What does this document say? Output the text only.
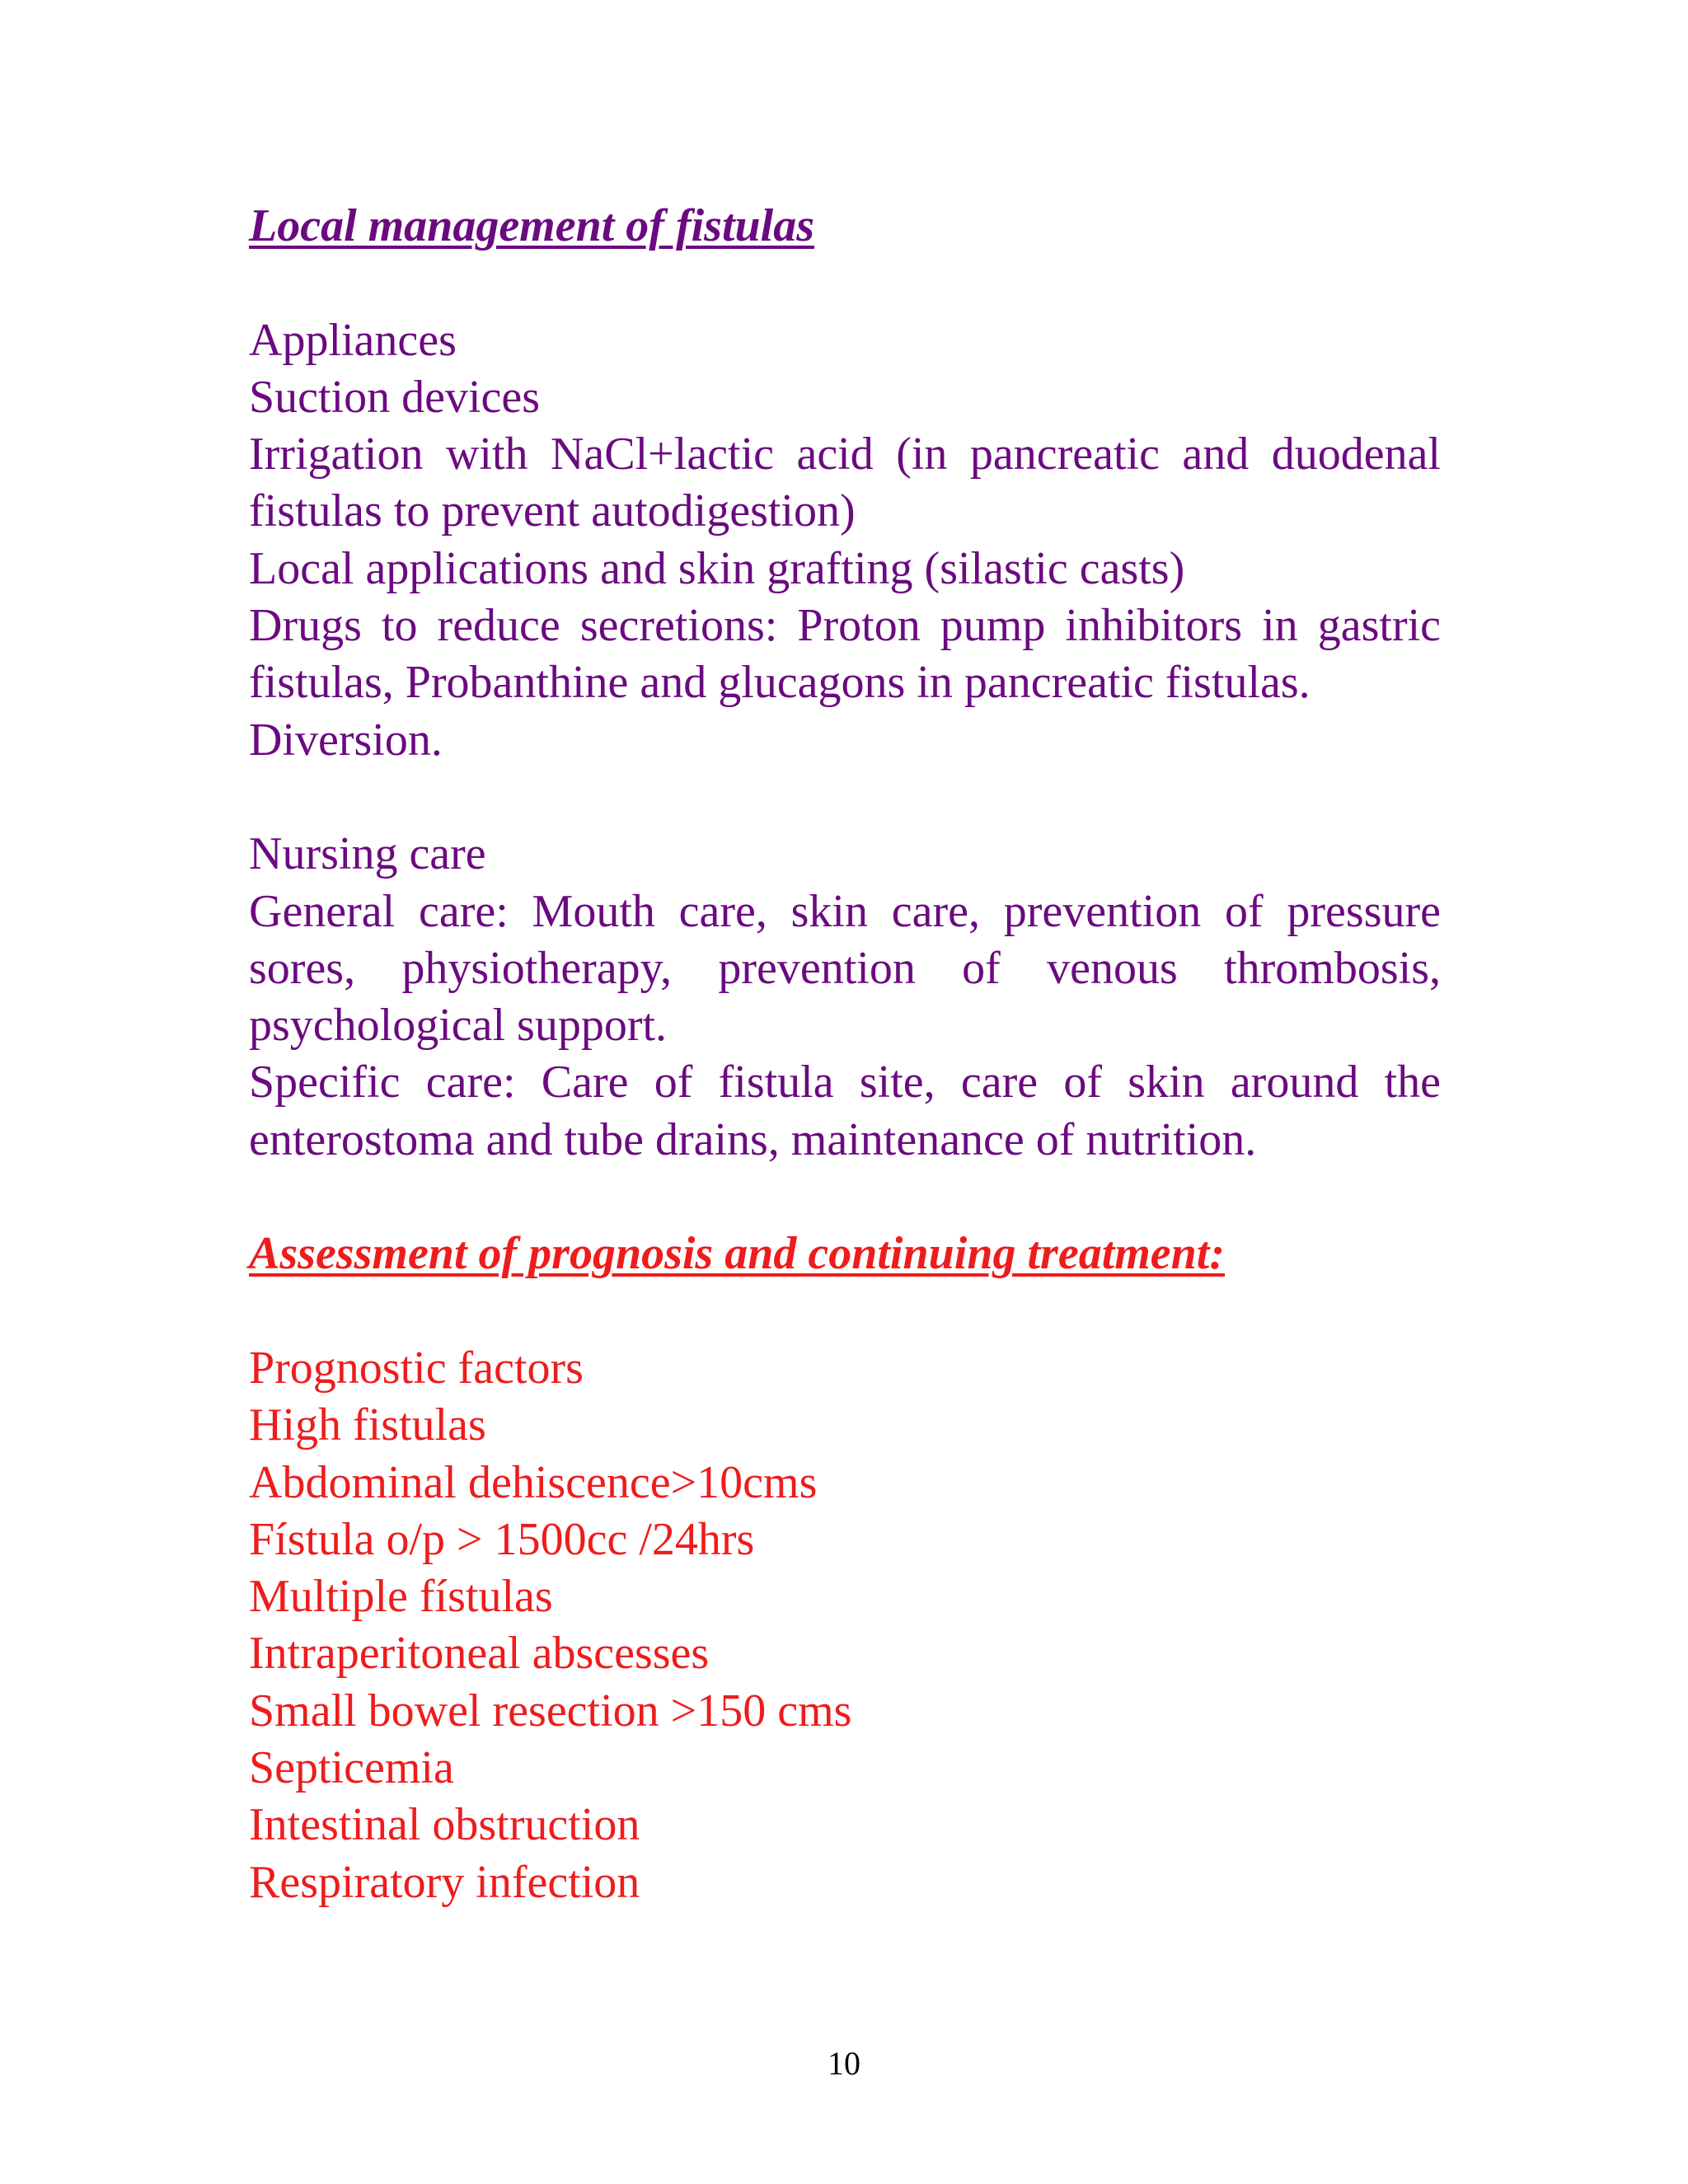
Local management of fistulas

Appliances

Suction devices

Irrigation with NaCl+lactic acid (in pancreatic and duodenal fistulas to prevent autodigestion)

Local applications and skin grafting (silastic casts)

Drugs to reduce secretions: Proton pump inhibitors in gastric fistulas, Probanthine and glucagons in pancreatic fistulas.

Diversion.

Nursing care

General care: Mouth care, skin care, prevention of pressure sores, physiotherapy, prevention of venous thrombosis, psychological support.

Specific care: Care of fistula site, care of skin around the enterostoma and tube drains, maintenance of nutrition.

Assessment of prognosis and continuing treatment:

Prognostic factors

High fistulas

Abdominal dehiscence>10cms

Fístula o/p > 1500cc /24hrs

Multiple fístulas

Intraperitoneal abscesses

Small bowel resection >150 cms

Septicemia

Intestinal obstruction

Respiratory infection

10
